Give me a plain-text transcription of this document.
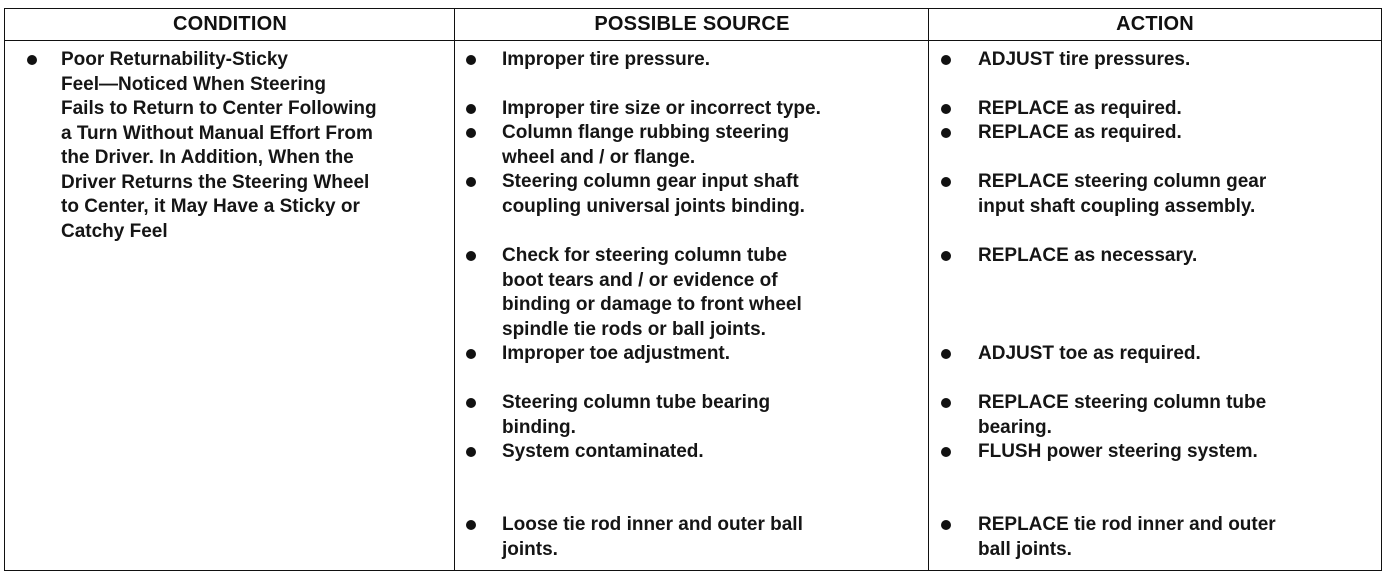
CONDITION	POSSIBLE SOURCE	ACTION
Poor Returnability-Sticky
Feel—Noticed When Steering
Fails to Return to Center Following
a Turn Without Manual Effort From
the Driver. In Addition, When the
Driver Returns the Steering Wheel
to Center, it May Have a Sticky or
Catchy Feel
Improper tire pressure.
Improper tire size or incorrect type.
Column flange rubbing steering
wheel and / or flange.
Steering column gear input shaft
coupling universal joints binding.
Check for steering column tube
boot tears and / or evidence of
binding or damage to front wheel
spindle tie rods or ball joints.
Improper toe adjustment.
Steering column tube bearing
binding.
System contaminated.
Loose tie rod inner and outer ball
joints.
ADJUST tire pressures.
REPLACE as required.
REPLACE as required.
REPLACE steering column gear
input shaft coupling assembly.
REPLACE as necessary.
ADJUST toe as required.
REPLACE steering column tube
bearing.
FLUSH power steering system.
REPLACE tie rod inner and outer
ball joints.
